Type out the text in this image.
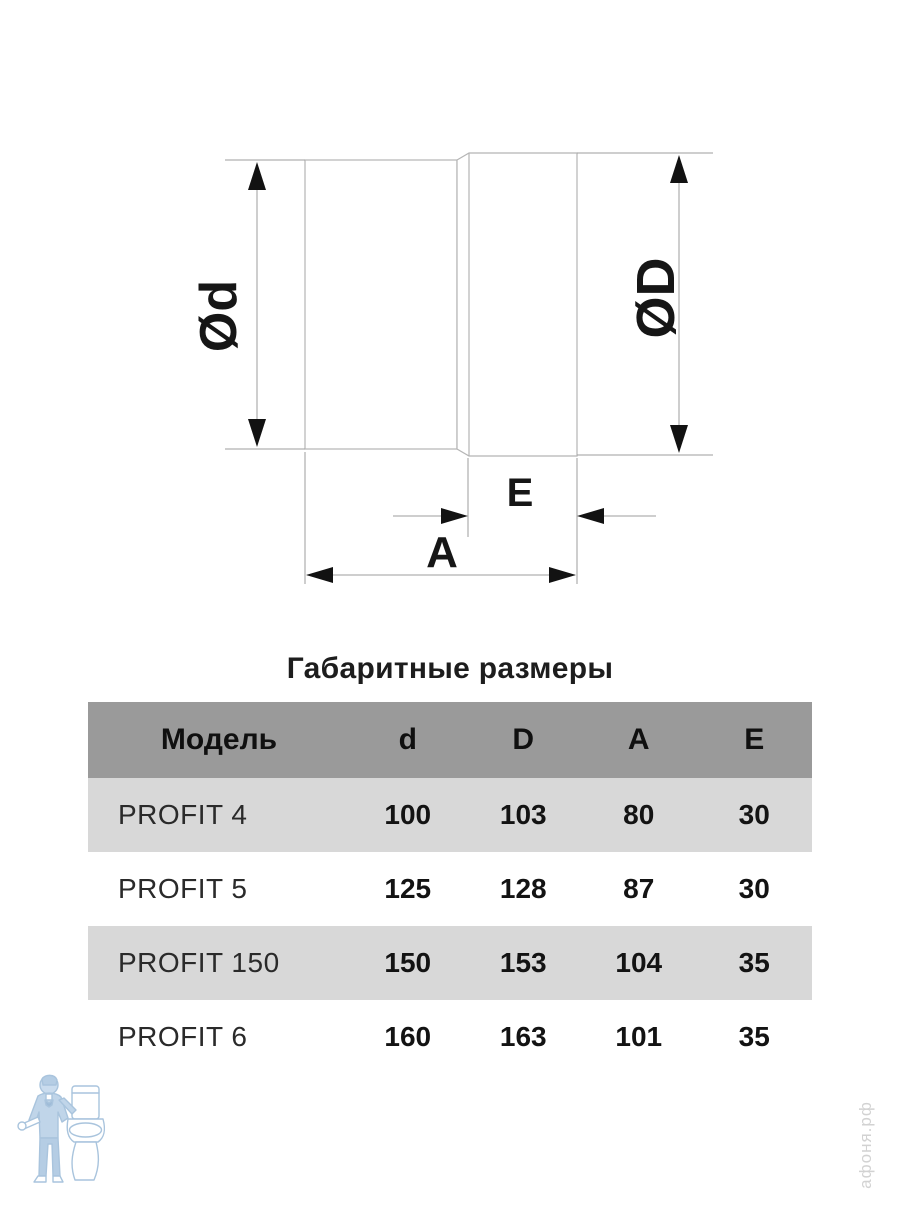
Ød	ØD
E
A
Габаритные размеры
Модель	d	D	A	E
PROFIT 4	100	103	80	30
PROFIT 5	125	128	87	30
PROFIT 150	150	153	104	35
PROFIT 6	160	163	101	35
афоня.рф
